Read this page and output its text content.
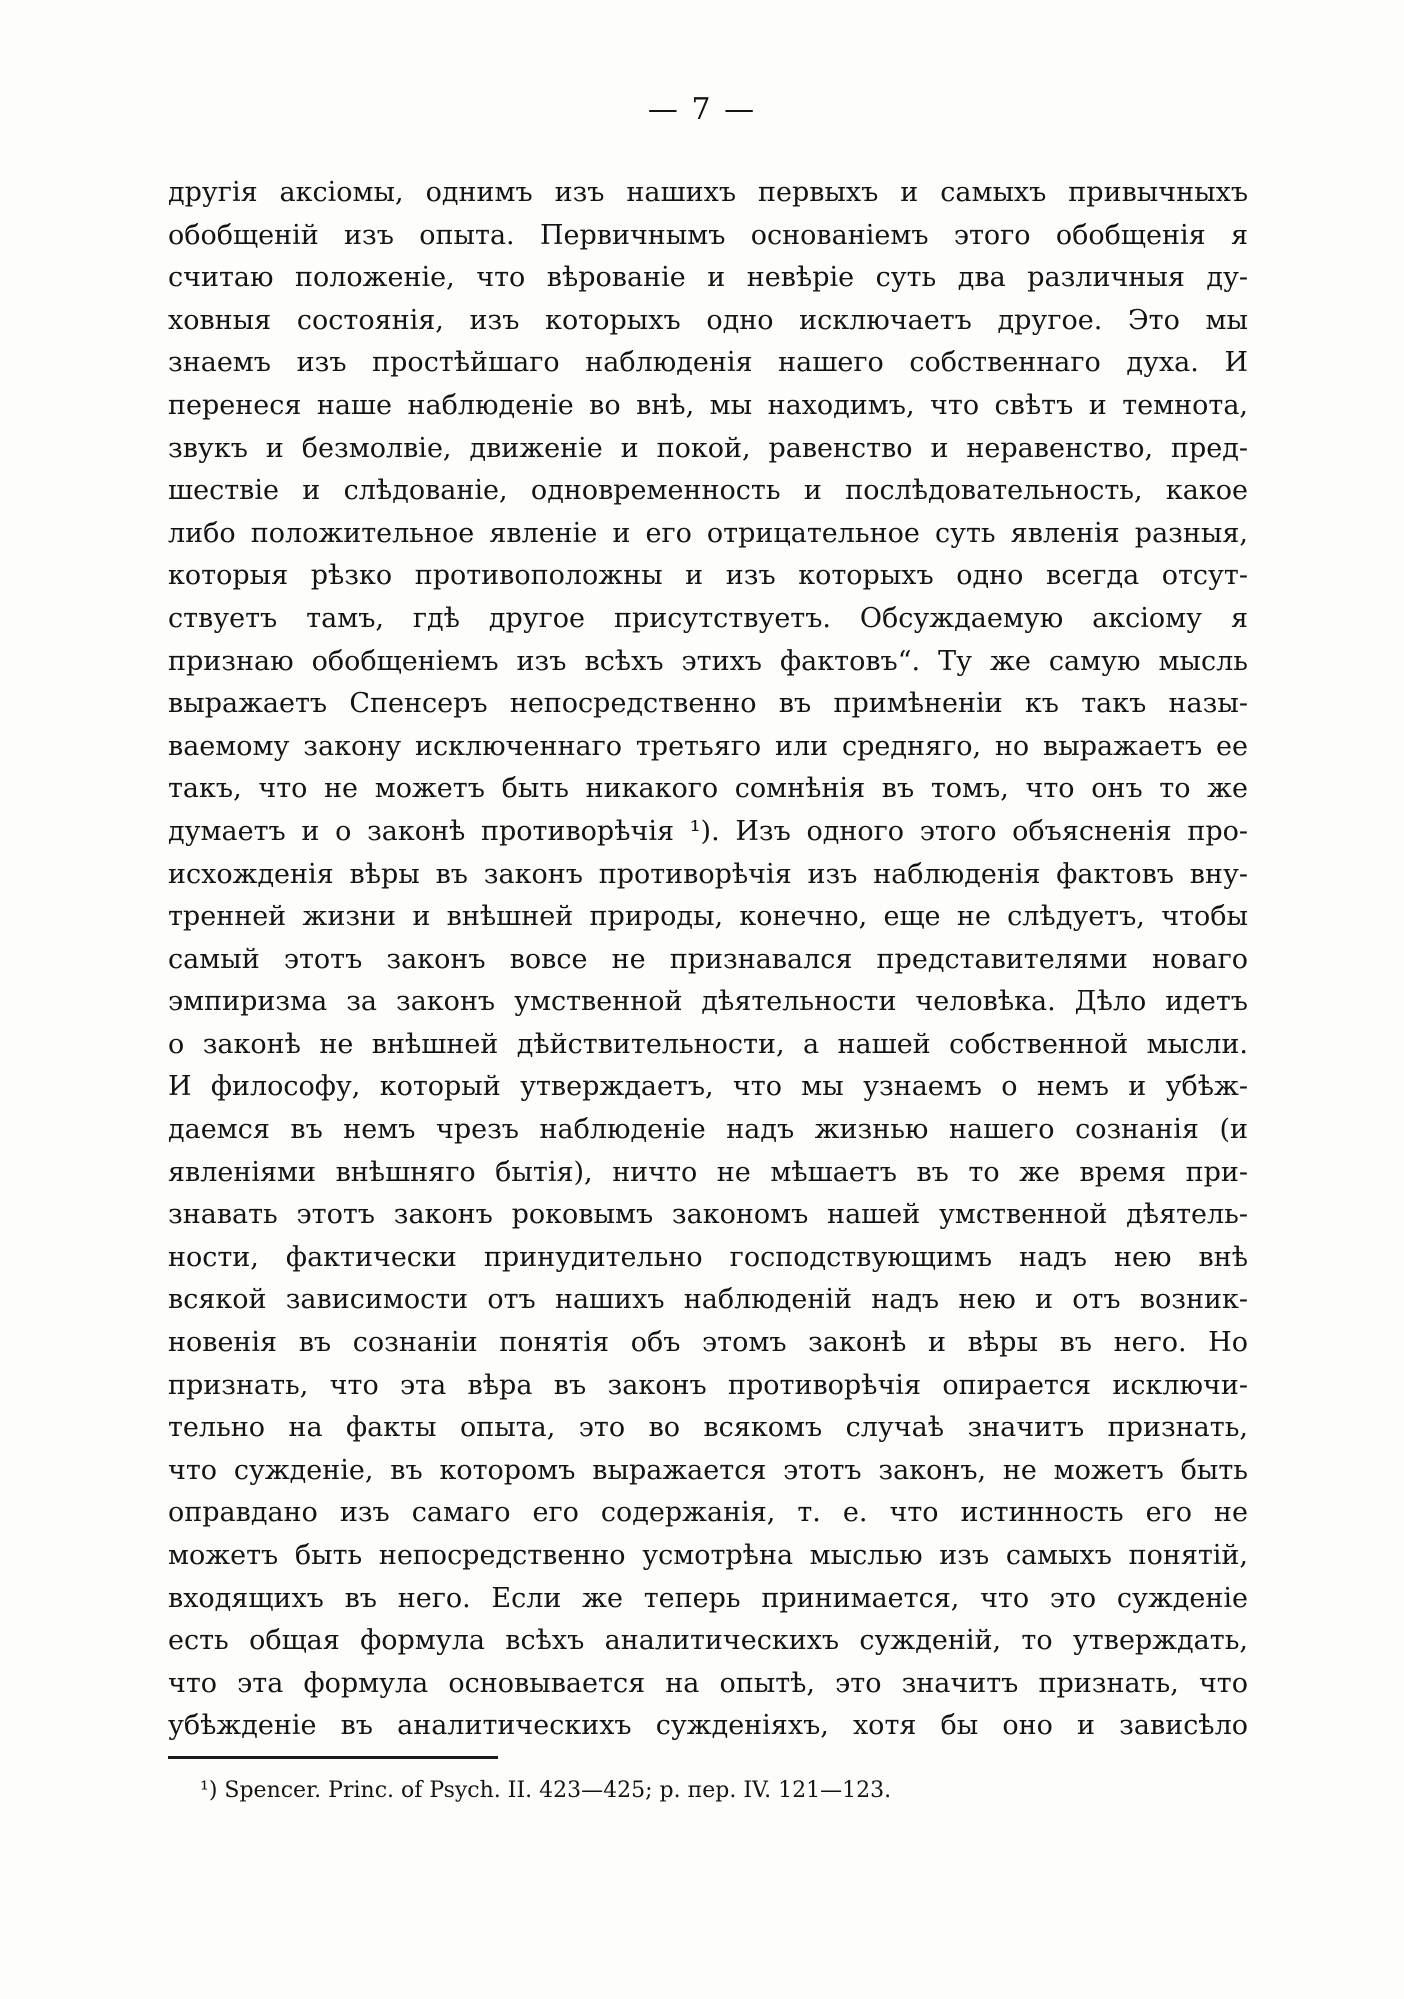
— 7 —
другія аксіомы, однимъ изъ нашихъ первыхъ и самыхъ привычныхъ
обобщеній изъ опыта. Первичнымъ основаніемъ этого обобщенія я
считаю положеніе, что вѣрованіе и невѣріе суть два различныя ду-
ховныя состоянія, изъ которыхъ одно исключаетъ другое. Это мы
знаемъ изъ простѣйшаго наблюденія нашего собственнаго духа. И
перенеся наше наблюденіе во внѣ, мы находимъ, что свѣтъ и темнота,
звукъ и безмолвіе, движеніе и покой, равенство и неравенство, пред-
шествіе и слѣдованіе, одновременность и послѣдовательность, какое
либо положительное явленіе и его отрицательное суть явленія разныя,
которыя рѣзко противоположны и изъ которыхъ одно всегда отсут-
ствуетъ тамъ, гдѣ другое присутствуетъ. Обсуждаемую аксіому я
признаю обобщеніемъ изъ всѣхъ этихъ фактовъ“. Ту же самую мысль
выражаетъ Спенсеръ непосредственно въ примѣненіи къ такъ назы-
ваемому закону исключеннаго третьяго или средняго, но выражаетъ ее
такъ, что не можетъ быть никакого сомнѣнія въ томъ, что онъ то же
думаетъ и о законѣ противорѣчія ¹). Изъ одного этого объясненія про-
исхожденія вѣры въ законъ противорѣчія изъ наблюденія фактовъ вну-
тренней жизни и внѣшней природы, конечно, еще не слѣдуетъ, чтобы
самый этотъ законъ вовсе не признавался представителями новаго
эмпиризма за законъ умственной дѣятельности человѣка. Дѣло идетъ
о законѣ не внѣшней дѣйствительности, а нашей собственной мысли.
И философу, который утверждаетъ, что мы узнаемъ о немъ и убѣж-
даемся въ немъ чрезъ наблюденіе надъ жизнью нашего сознанія (и
явленіями внѣшняго бытія), ничто не мѣшаетъ въ то же время при-
знавать этотъ законъ роковымъ закономъ нашей умственной дѣятель-
ности, фактически принудительно господствующимъ надъ нею внѣ
всякой зависимости отъ нашихъ наблюденій надъ нею и отъ возник-
новенія въ сознаніи понятія объ этомъ законѣ и вѣры въ него. Но
признать, что эта вѣра въ законъ противорѣчія опирается исключи-
тельно на факты опыта, это во всякомъ случаѣ значитъ признать,
что сужденіе, въ которомъ выражается этотъ законъ, не можетъ быть
оправдано изъ самаго его содержанія, т. е. что истинность его не
можетъ быть непосредственно усмотрѣна мыслью изъ самыхъ понятій,
входящихъ въ него. Если же теперь принимается, что это сужденіе
есть общая формула всѣхъ аналитическихъ сужденій, то утверждать,
что эта формула основывается на опытѣ, это значитъ признать, что
убѣжденіе въ аналитическихъ сужденіяхъ, хотя бы оно и зависѣло
¹) Spencer. Princ. of Psych. II. 423—425; р. пер. IV. 121—123.
